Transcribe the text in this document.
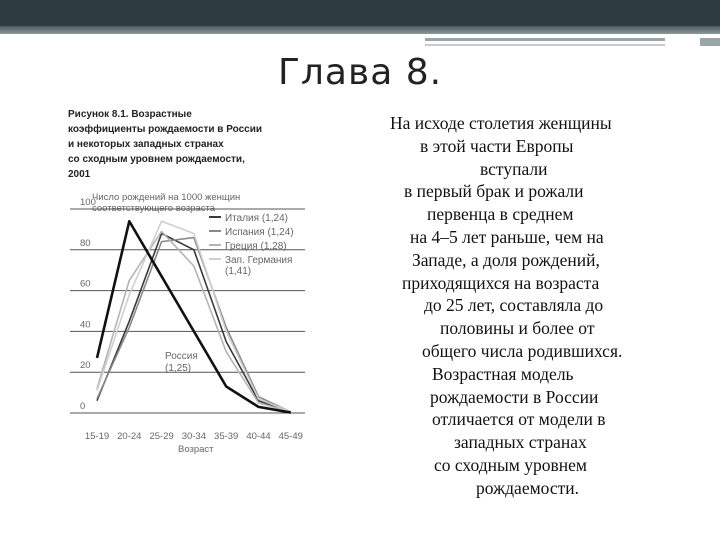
Глава 8.
Рисунок 8.1. Возрастные
коэффициенты рождаемости в России
и некоторых западных странах
со сходным уровнем рождаемости,
2001
Число рождений на 1000 женщин
соответствующего возраста
0
20
40
60
80
100
15-19 20-24 25-29 30-34 35-39 40-44 45-49
Италия (1,24)
Испания (1,24)
Греция (1,28)
Зап. Германия
(1,41)
Россия
(1,25)
Возраст
На исходе столетия женщины
в этой части Европы
вступали
в первый брак и рожали
первенца в среднем
на 4–5 лет раньше, чем на
Западе, а доля рождений,
приходящихся на возраста
до 25 лет, составляла до
половины и более от
общего числа родившихся.
Возрастная модель
рождаемости в России
отличается от модели в
западных странах
со сходным уровнем
рождаемости.
